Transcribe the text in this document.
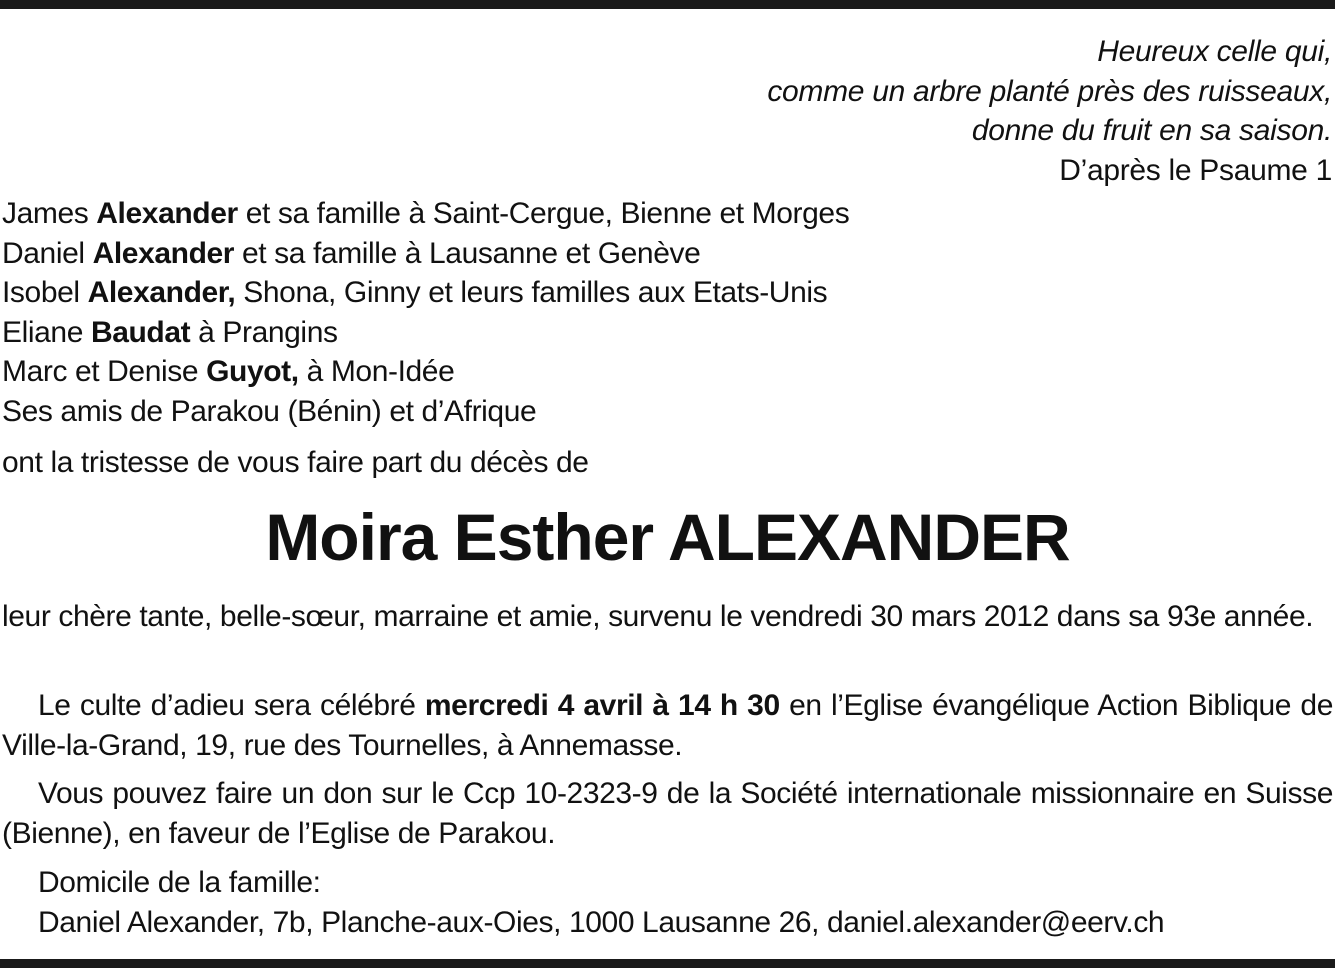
Heureux celle qui,
comme un arbre planté près des ruisseaux,
donne du fruit en sa saison.
D’après le Psaume 1
James Alexander et sa famille à Saint-Cergue, Bienne et Morges
Daniel Alexander et sa famille à Lausanne et Genève
Isobel Alexander, Shona, Ginny et leurs familles aux Etats-Unis
Eliane Baudat à Prangins
Marc et Denise Guyot, à Mon-Idée
Ses amis de Parakou (Bénin) et d’Afrique
ont la tristesse de vous faire part du décès de
Moira Esther ALEXANDER
leur chère tante, belle-sœur, marraine et amie, survenu le vendredi 30 mars 2012 dans sa 93e année.
Le culte d’adieu sera célébré mercredi 4 avril à 14 h 30 en l’Eglise évangélique Action Biblique de Ville-la-Grand, 19, rue des Tournelles, à Annemasse.
Vous pouvez faire un don sur le Ccp 10-2323-9 de la Société internationale missionnaire en Suisse (Bienne), en faveur de l’Eglise de Parakou.
Domicile de la famille:
Daniel Alexander, 7b, Planche-aux-Oies, 1000 Lausanne 26, daniel.alexander@eerv.ch
